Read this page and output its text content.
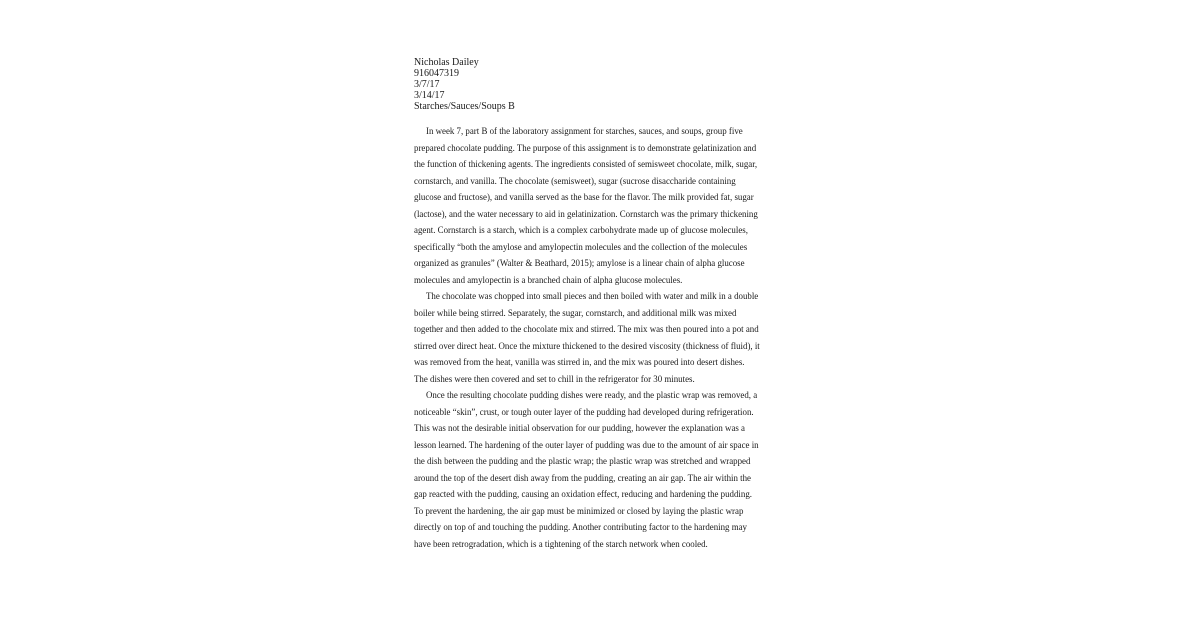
Nicholas Dailey
916047319
3/7/17
3/14/17
Starches/Sauces/Soups B
In week 7, part B of the laboratory assignment for starches, sauces, and soups, group five
prepared chocolate pudding. The purpose of this assignment is to demonstrate gelatinization and
the function of thickening agents. The ingredients consisted of semisweet chocolate, milk, sugar,
cornstarch, and vanilla. The chocolate (semisweet), sugar (sucrose disaccharide containing
glucose and fructose), and vanilla served as the base for the flavor. The milk provided fat, sugar
(lactose), and the water necessary to aid in gelatinization. Cornstarch was the primary thickening
agent. Cornstarch is a starch, which is a complex carbohydrate made up of glucose molecules,
specifically “both the amylose and amylopectin molecules and the collection of the molecules
organized as granules” (Walter & Beathard, 2015); amylose is a linear chain of alpha glucose
molecules and amylopectin is a branched chain of alpha glucose molecules.
The chocolate was chopped into small pieces and then boiled with water and milk in a double
boiler while being stirred. Separately, the sugar, cornstarch, and additional milk was mixed
together and then added to the chocolate mix and stirred. The mix was then poured into a pot and
stirred over direct heat. Once the mixture thickened to the desired viscosity (thickness of fluid), it
was removed from the heat, vanilla was stirred in, and the mix was poured into desert dishes.
The dishes were then covered and set to chill in the refrigerator for 30 minutes.
Once the resulting chocolate pudding dishes were ready, and the plastic wrap was removed, a
noticeable “skin”, crust, or tough outer layer of the pudding had developed during refrigeration.
This was not the desirable initial observation for our pudding, however the explanation was a
lesson learned. The hardening of the outer layer of pudding was due to the amount of air space in
the dish between the pudding and the plastic wrap; the plastic wrap was stretched and wrapped
around the top of the desert dish away from the pudding, creating an air gap. The air within the
gap reacted with the pudding, causing an oxidation effect, reducing and hardening the pudding.
To prevent the hardening, the air gap must be minimized or closed by laying the plastic wrap
directly on top of and touching the pudding. Another contributing factor to the hardening may
have been retrogradation, which is a tightening of the starch network when cooled.
